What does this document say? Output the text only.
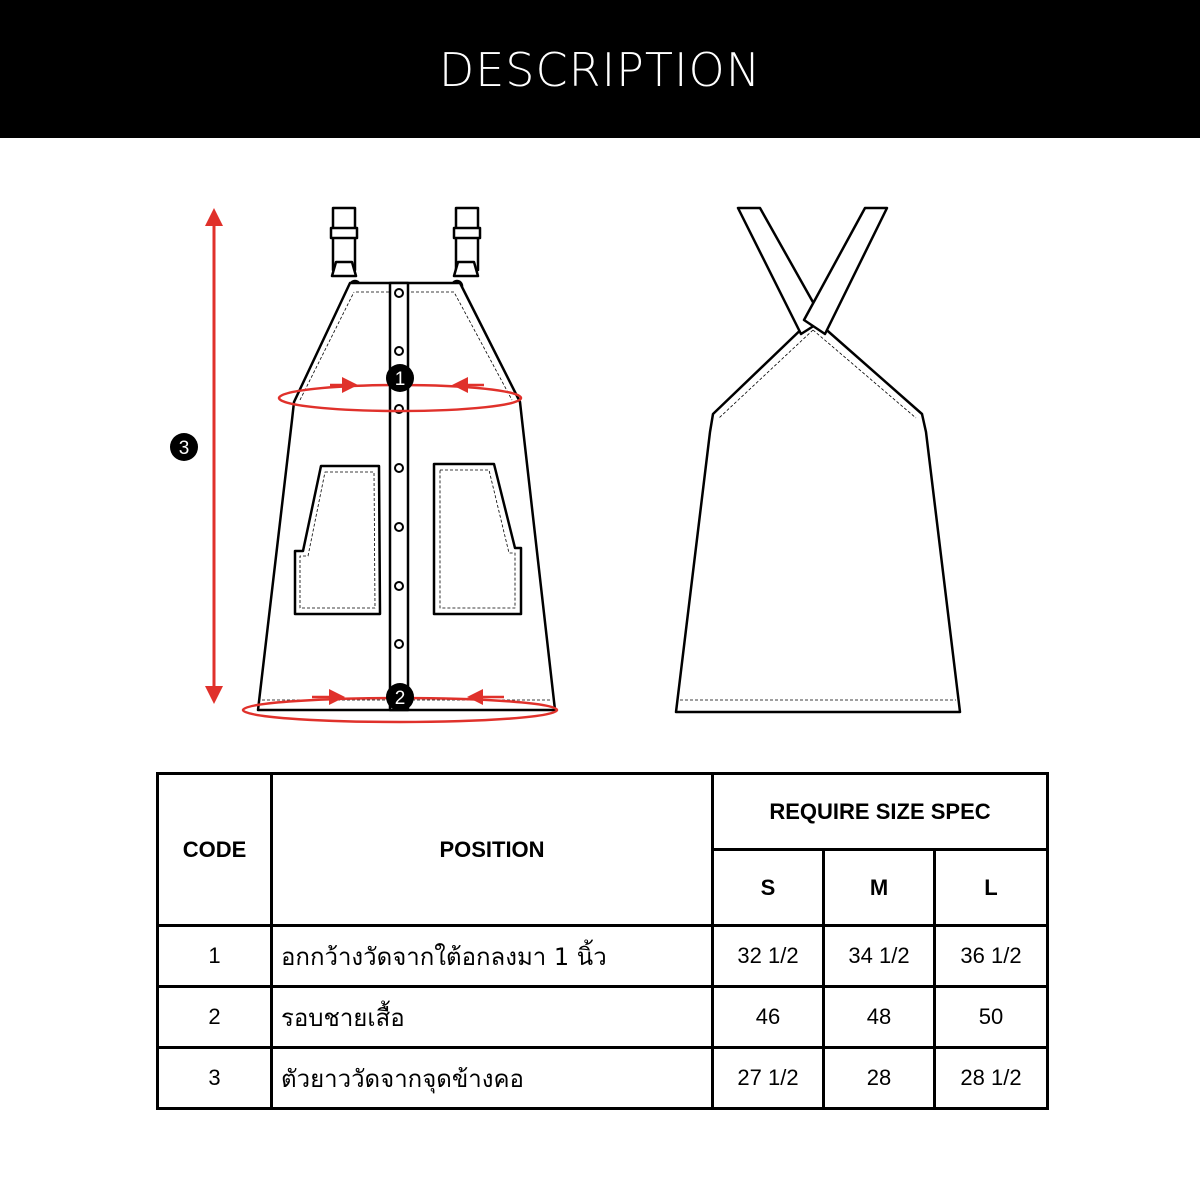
DESCRIPTION
1
2
3
CODE	POSITION	REQUIRE SIZE SPEC		
		S	M	L
1	อกกว้างวัดจากใต้อกลงมา 1 นิ้ว	32 1/2	34 1/2	36 1/2
2	รอบชายเสื้อ	46	48	50
3	ตัวยาววัดจากจุดข้างคอ	27 1/2	28	28 1/2
